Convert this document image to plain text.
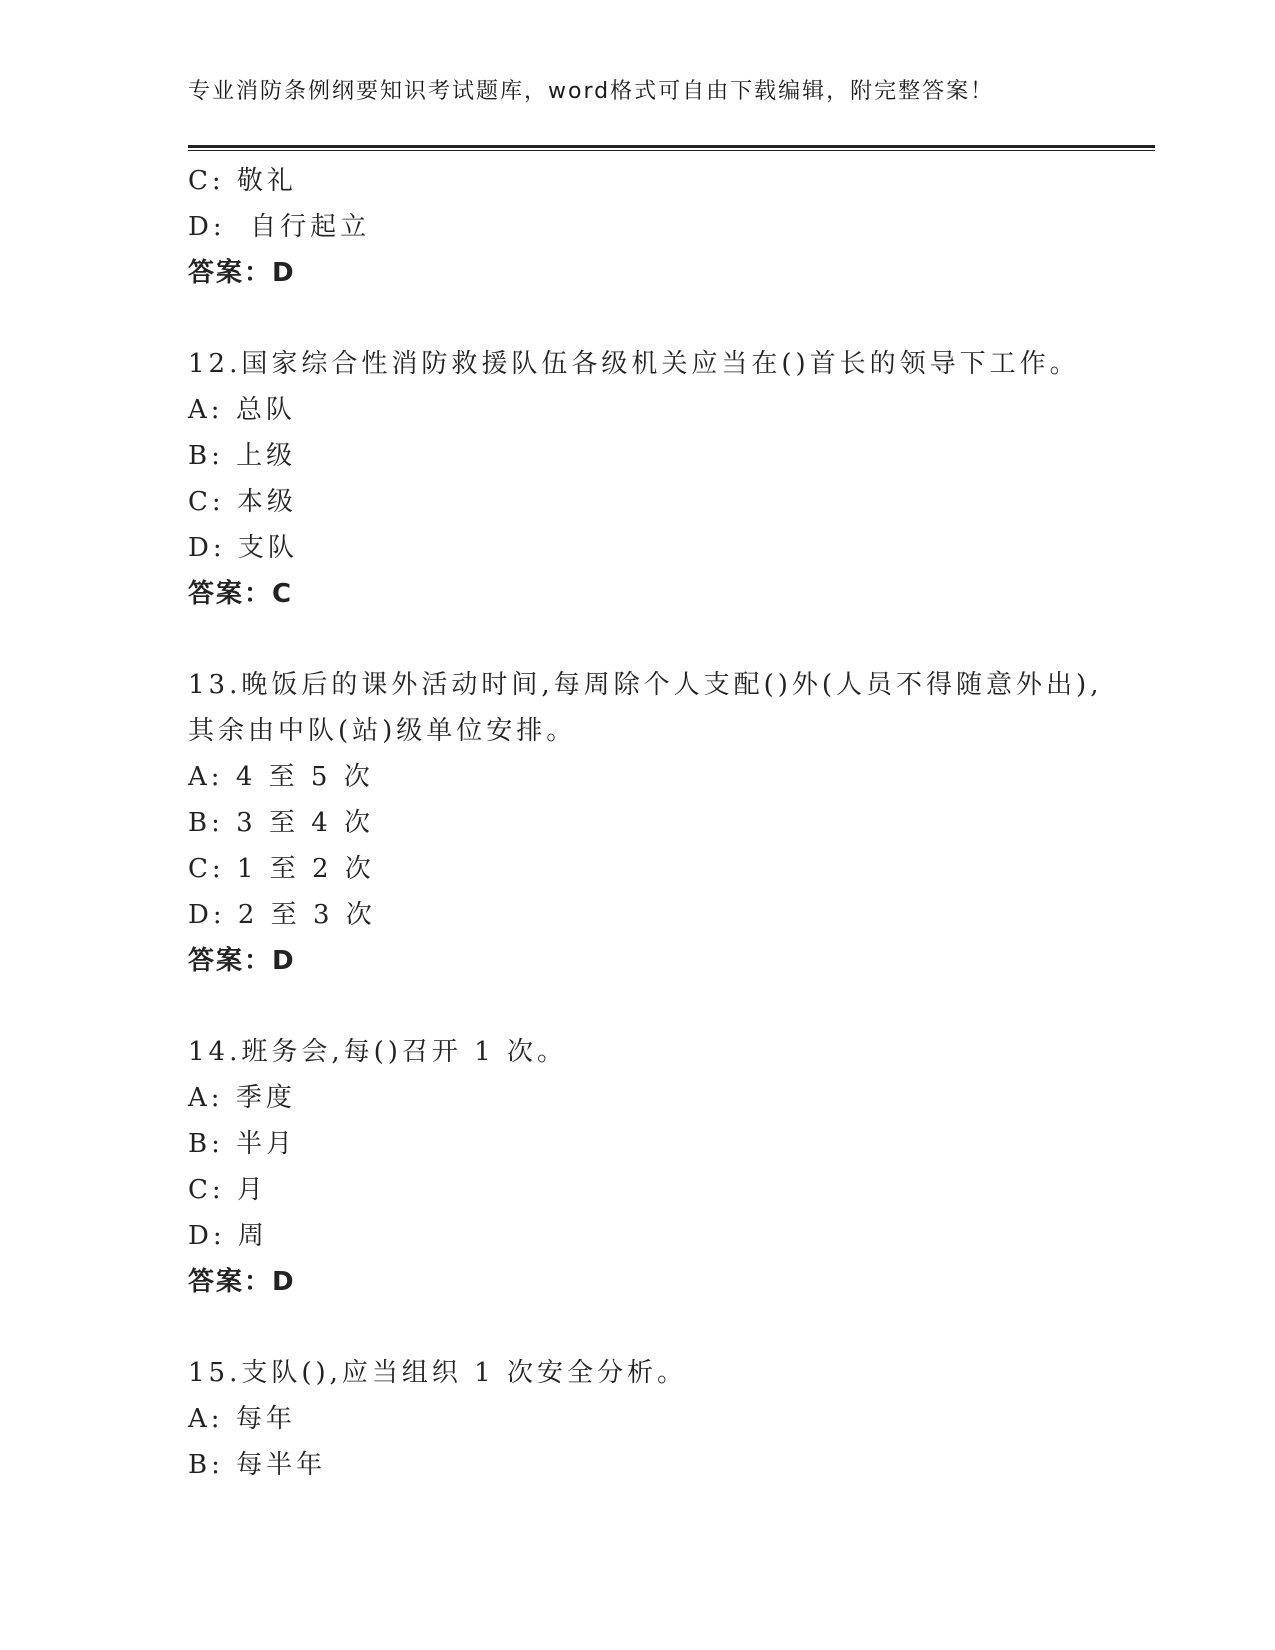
专业消防条例纲要知识考试题库，word格式可自由下载编辑，附完整答案！
C: 敬礼
D:  自行起立
答案：D
12.国家综合性消防救援队伍各级机关应当在()首长的领导下工作。
A: 总队
B: 上级
C: 本级
D: 支队
答案：C
13.晚饭后的课外活动时间,每周除个人支配()外(人员不得随意外出),
其余由中队(站)级单位安排。
A: 4 至 5 次
B: 3 至 4 次
C: 1 至 2 次
D: 2 至 3 次
答案：D
14.班务会,每()召开 1 次。
A: 季度
B: 半月
C: 月
D: 周
答案：D
15.支队(),应当组织 1 次安全分析。
A: 每年
B: 每半年
